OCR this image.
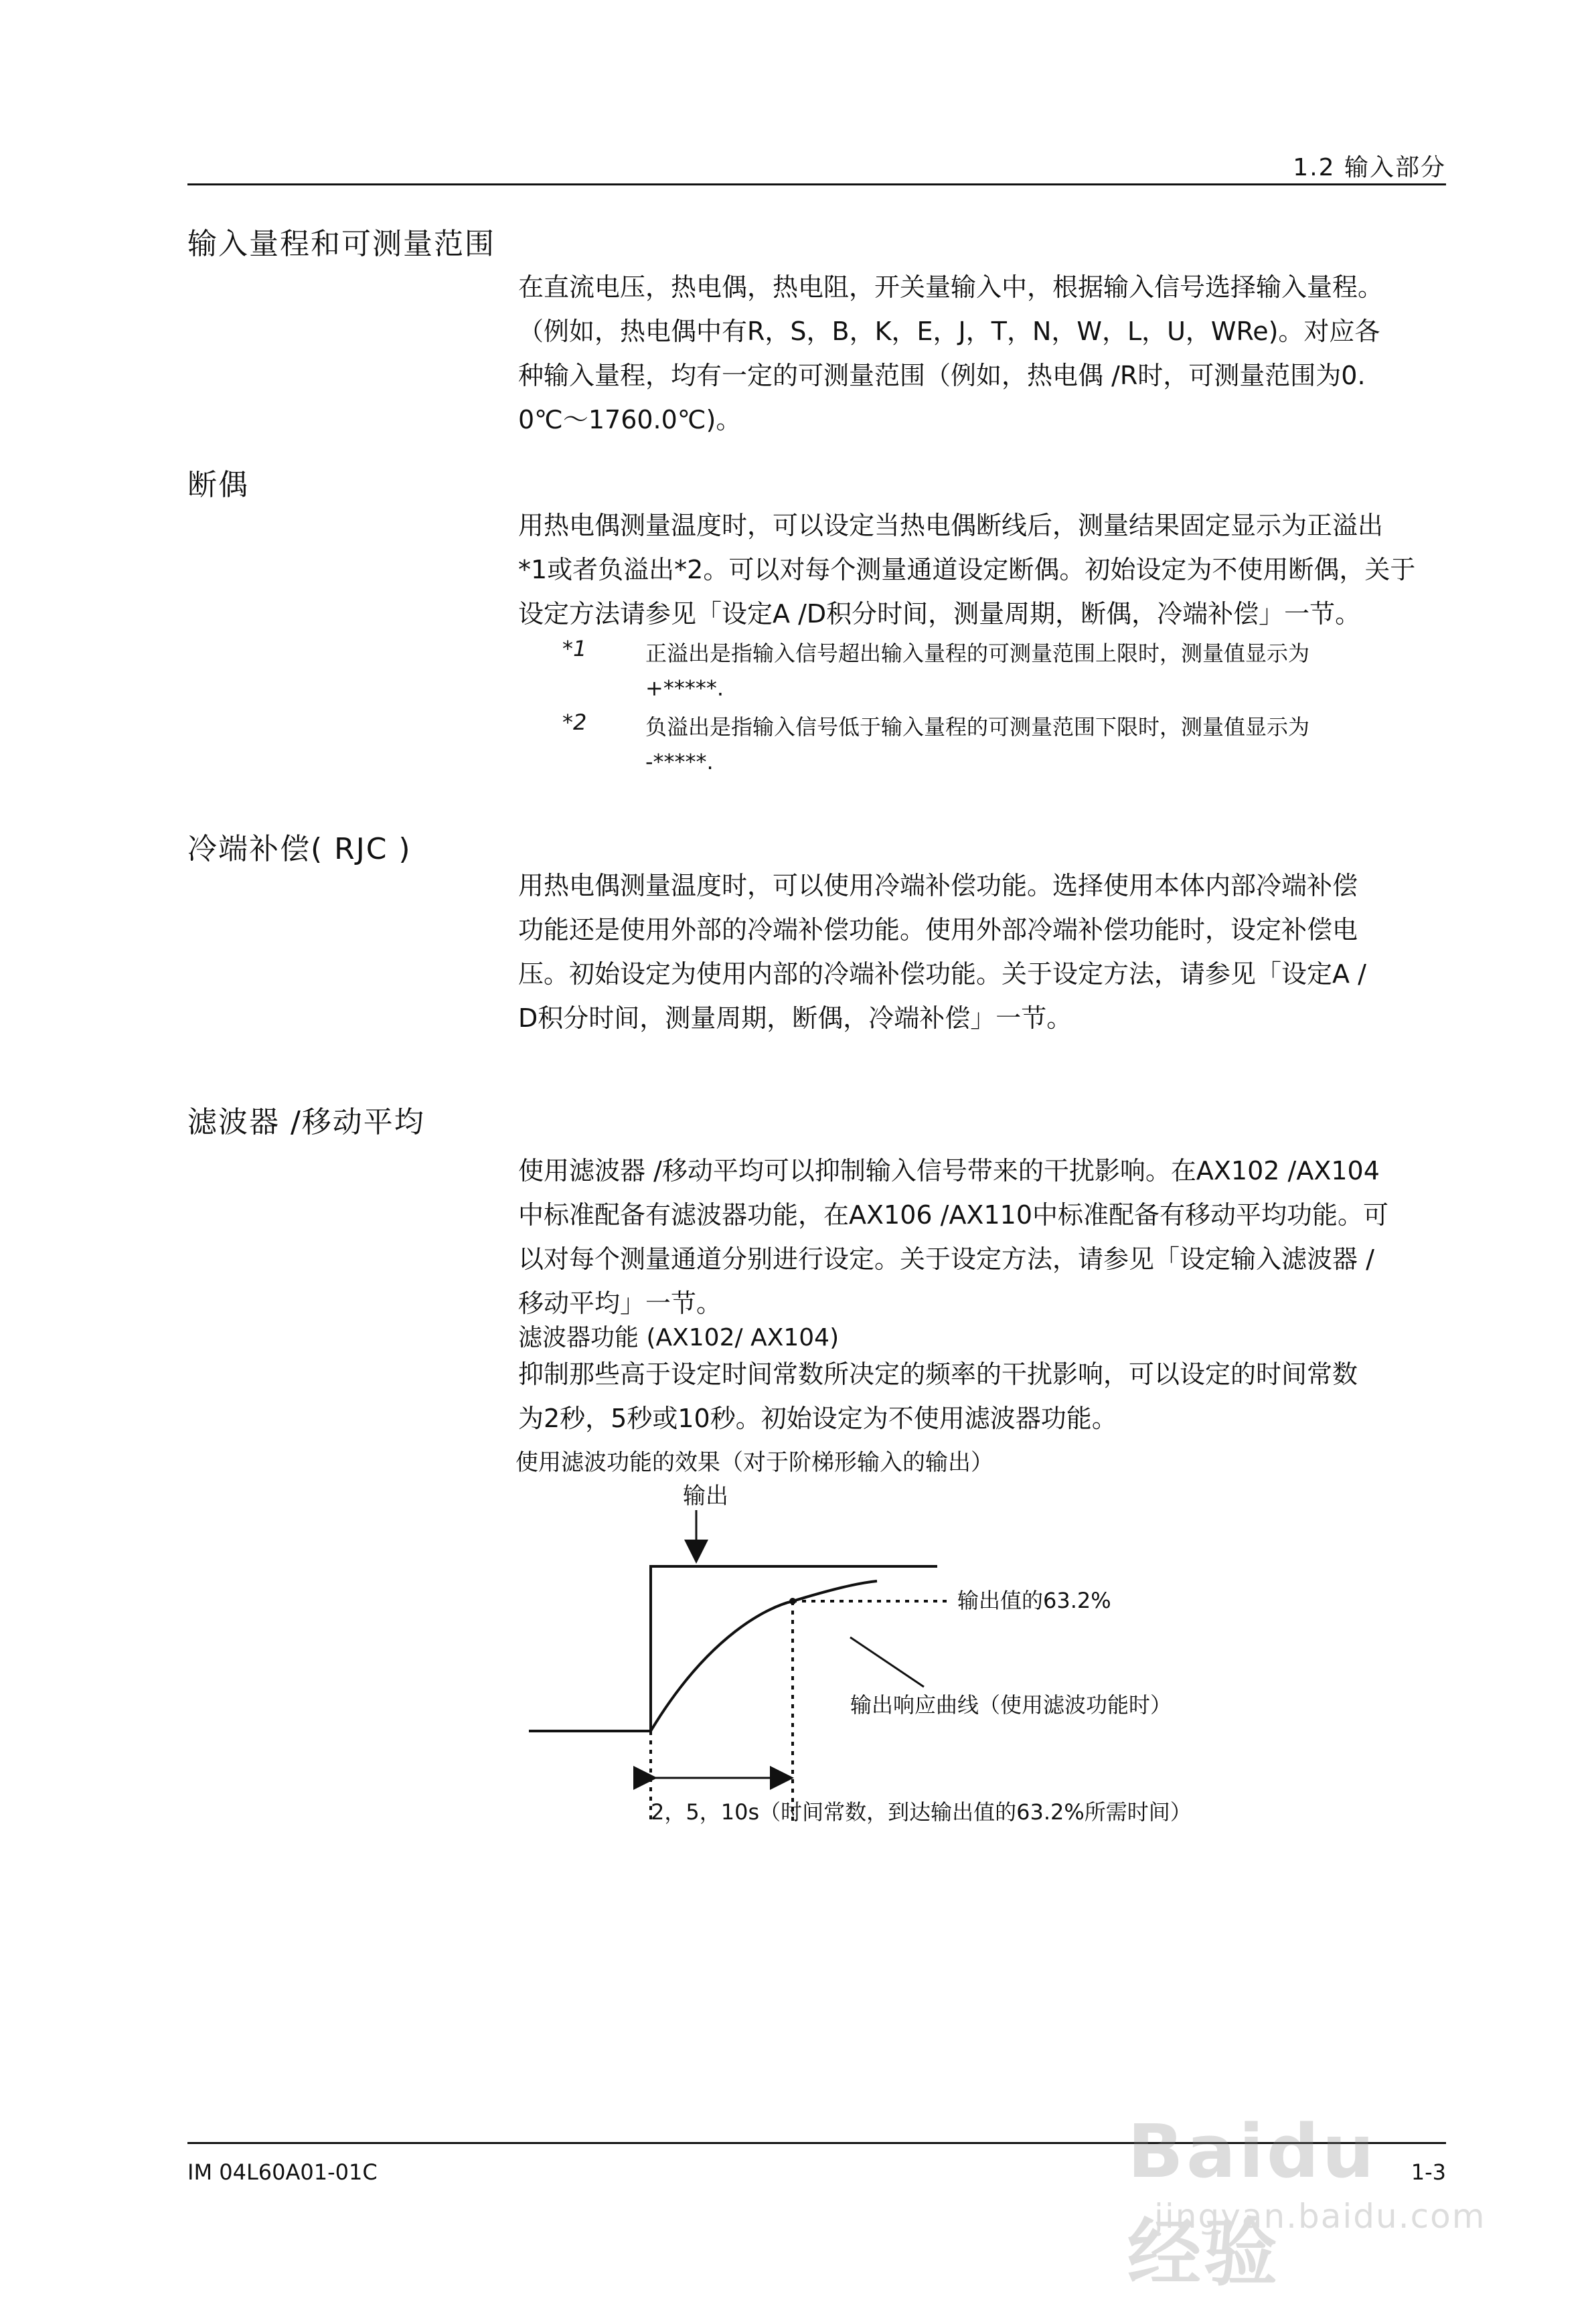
1.2 输入部分
输入量程和可测量范围

在直流电压，热电偶，热电阻，开关量输入中，根据输入信号选择输入量程。

（例如，热电偶中有R，S，B，K，E，J，T，N，W，L，U，WRe)。对应各

种输入量程，均有一定的可测量范围（例如，热电偶 /R时，可测量范围为0.

0℃～1760.0℃)。

断偶

用热电偶测量温度时，可以设定当热电偶断线后，测量结果固定显示为正溢出

*1或者负溢出*2。可以对每个测量通道设定断偶。初始设定为不使用断偶，关于

设定方法请参见「设定A /D积分时间，测量周期，断偶，冷端补偿」一节。

*1	正溢出是指输入信号超出输入量程的可测量范围上限时，测量值显示为
+*****.
*2	负溢出是指输入信号低于输入量程的可测量范围下限时，测量值显示为
-*****.
冷端补偿( RJC )

用热电偶测量温度时，可以使用冷端补偿功能。选择使用本体内部冷端补偿

功能还是使用外部的冷端补偿功能。使用外部冷端补偿功能时，设定补偿电

压。初始设定为使用内部的冷端补偿功能。关于设定方法，请参见「设定A /

D积分时间，测量周期，断偶，冷端补偿」一节。

滤波器 /移动平均

使用滤波器 /移动平均可以抑制输入信号带来的干扰影响。在AX102 /AX104

中标准配备有滤波器功能，在AX106 /AX110中标准配备有移动平均功能。可

以对每个测量通道分别进行设定。关于设定方法，请参见「设定输入滤波器 /

移动平均」一节。

滤波器功能 (AX102/ AX104)

抑制那些高于设定时间常数所决定的频率的干扰影响，可以设定的时间常数

为2秒，5秒或10秒。初始设定为不使用滤波器功能。

使用滤波功能的效果（对于阶梯形输入的输出）
输出
输出值的63.2%
输出响应曲线（使用滤波功能时）
2，5，10s（时间常数，到达输出值的63.2%所需时间）
IM 04L60A01-01C	1-3
Baidu 经验
jingyan.baidu.com
